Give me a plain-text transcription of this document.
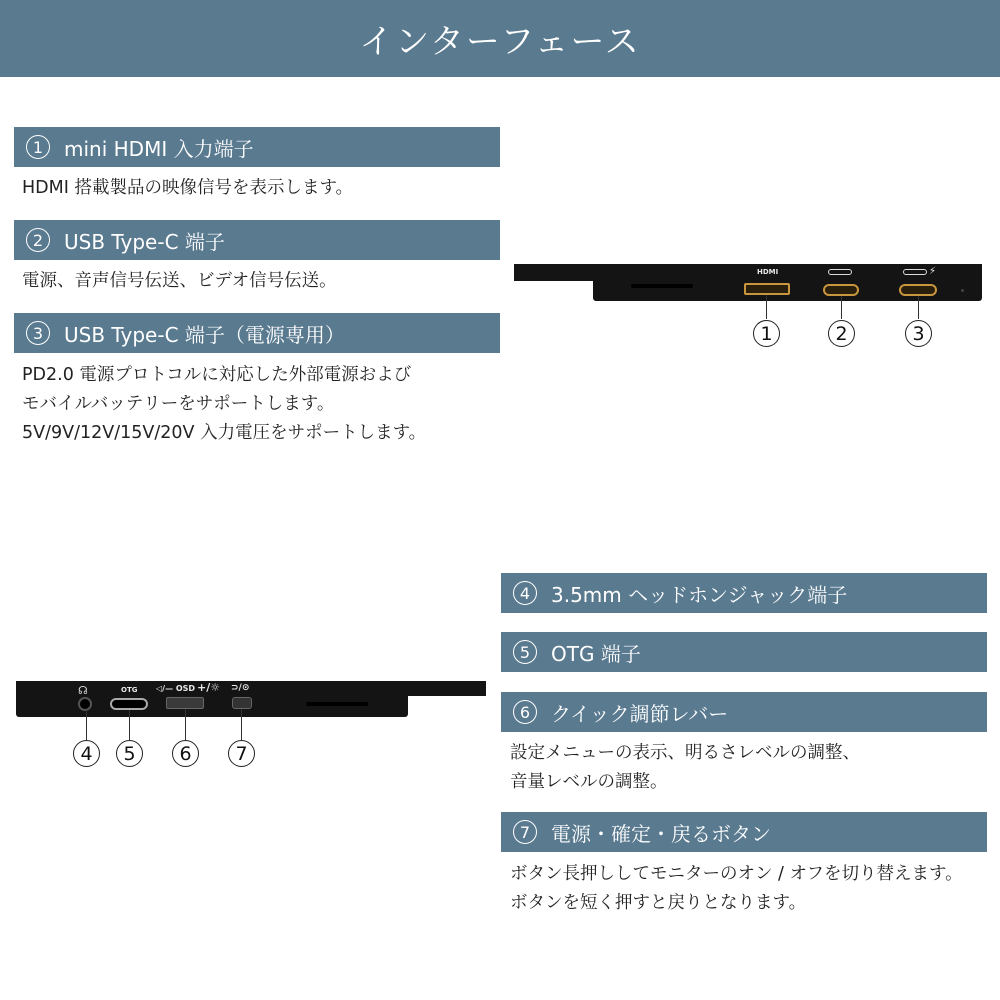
インターフェース
1	mini HDMI 入力端子
HDMI 搭載製品の映像信号を表示します。
2	USB Type-C 端子
電源、音声信号伝送、ビデオ信号伝送。
3	USB Type-C 端子（電源専用）
PD2.0 電源プロトコルに対応した外部電源および
モバイルバッテリーをサポートします。
5V/9V/12V/15V/20V 入力電圧をサポートします。
4	3.5mm ヘッドホンジャック端子
5	OTG 端子
6	クイック調節レバー
設定メニューの表示、明るさレベルの調整、
音量レベルの調整。
7	電源・確定・戻るボタン
ボタン長押ししてモニターのオン / オフを切り替えます。
ボタンを短く押すと戻りとなります。
HDMI	⚡
1	2	3
☊	OTG ◁/— OSD +/☼ ⊃/⊙
4	5	6	7
